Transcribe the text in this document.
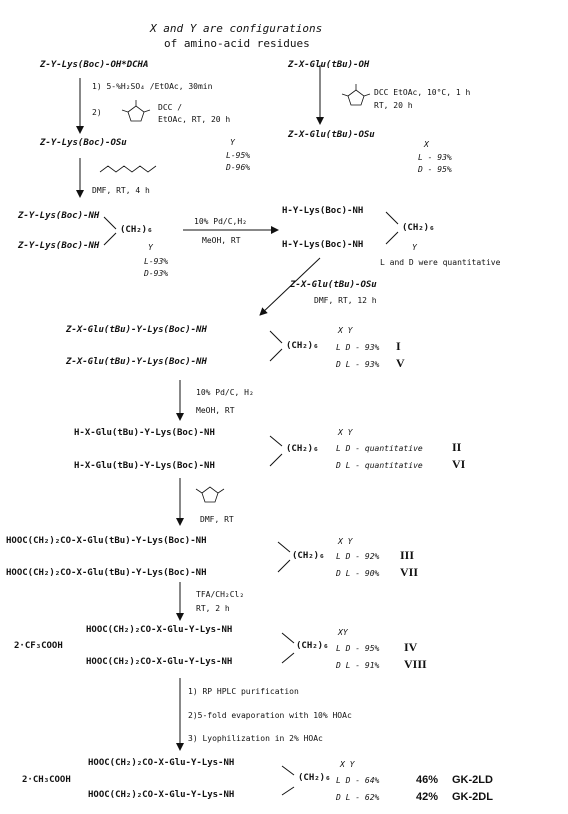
X and Y are configurations
of amino-acid residues
Z-Y-Lys(Boc)-OH*DCHA	Z-X-Glu(tBu)-OH
1) 5-%H₂SO₄ /EtOAc, 30min
2)
DCC /
EtOAc, RT, 20 h
DCC EtOAc, 10°C, 1 h
RT, 20 h
Z-Y-Lys(Boc)-OSu	Y
L-95%
D-96%
Z-X-Glu(tBu)-OSu
X
L - 93%
D - 95%
DMF, RT, 4 h
Z-Y-Lys(Boc)-NH
Z-Y-Lys(Boc)-NH
(CH₂)₆
Y
L-93%
D-93%
10% Pd/C,H₂
MeOH, RT
H-Y-Lys(Boc)-NH
H-Y-Lys(Boc)-NH
(CH₂)₆
Y
L and D were quantitative
Z-X-Glu(tBu)-OSu
DMF, RT, 12 h
Z-X-Glu(tBu)-Y-Lys(Boc)-NH
Z-X-Glu(tBu)-Y-Lys(Boc)-NH
(CH₂)₆
X Y
L D - 93% I
D L - 93% V
10% Pd/C, H₂
MeOH, RT
H-X-Glu(tBu)-Y-Lys(Boc)-NH
H-X-Glu(tBu)-Y-Lys(Boc)-NH
(CH₂)₆
X Y
L D - quantitative II
D L - quantitative VI
DMF, RT
HOOC(CH₂)₂CO-X-Glu(tBu)-Y-Lys(Boc)-NH
HOOC(CH₂)₂CO-X-Glu(tBu)-Y-Lys(Boc)-NH
(CH₂)₆
X Y
L D - 92% III
D L - 90% VII
TFA/CH₂Cl₂
RT, 2 h
2·CF₃COOH
HOOC(CH₂)₂CO-X-Glu-Y-Lys-NH
HOOC(CH₂)₂CO-X-Glu-Y-Lys-NH
(CH₂)₆
XY
L D - 95% IV
D L - 91% VIII
1) RP HPLC purification
2)5-fold evaporation with 10% HOAc
3) Lyophilization in 2% HOAc
2·CH₃COOH
HOOC(CH₂)₂CO-X-Glu-Y-Lys-NH
HOOC(CH₂)₂CO-X-Glu-Y-Lys-NH
(CH₂)₆
X Y
L D - 64%	46% GK-2LD
D L - 62%	42% GK-2DL
